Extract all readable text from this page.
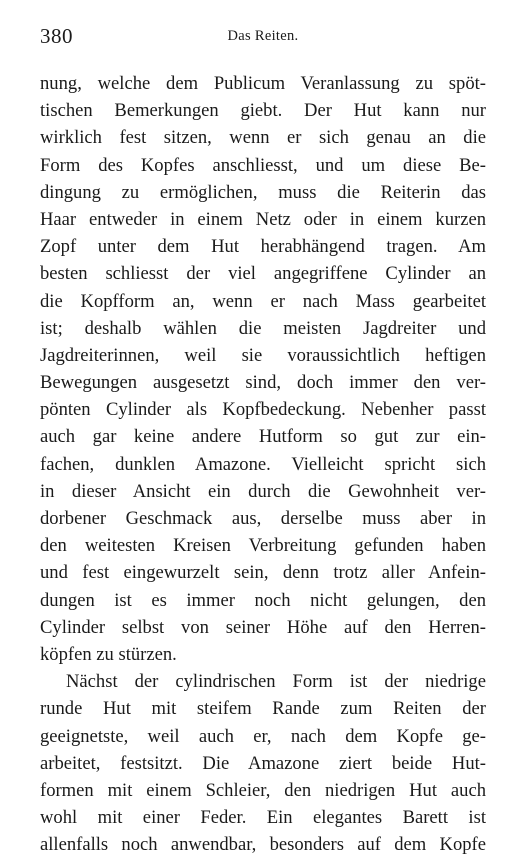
380	Das Reiten.
nung, welche dem Publicum Veranlassung zu spöt-
tischen Bemerkungen giebt. Der Hut kann nur
wirklich fest sitzen, wenn er sich genau an die
Form des Kopfes anschliesst, und um diese Be-
dingung zu ermöglichen, muss die Reiterin das
Haar entweder in einem Netz oder in einem kurzen
Zopf unter dem Hut herabhängend tragen. Am
besten schliesst der viel angegriffene Cylinder an
die Kopfform an, wenn er nach Mass gearbeitet
ist; deshalb wählen die meisten Jagdreiter und
Jagdreiterinnen, weil sie voraussichtlich heftigen
Bewegungen ausgesetzt sind, doch immer den ver-
pönten Cylinder als Kopfbedeckung. Nebenher passt
auch gar keine andere Hutform so gut zur ein-
fachen, dunklen Amazone. Vielleicht spricht sich
in dieser Ansicht ein durch die Gewohnheit ver-
dorbener Geschmack aus, derselbe muss aber in
den weitesten Kreisen Verbreitung gefunden haben
und fest eingewurzelt sein, denn trotz aller Anfein-
dungen ist es immer noch nicht gelungen, den
Cylinder selbst von seiner Höhe auf den Herren-
köpfen zu stürzen.
Nächst der cylindrischen Form ist der niedrige
runde Hut mit steifem Rande zum Reiten der
geeignetste, weil auch er, nach dem Kopfe ge-
arbeitet, festsitzt. Die Amazone ziert beide Hut-
formen mit einem Schleier, den niedrigen Hut auch
wohl mit einer Feder. Ein elegantes Barett ist
allenfalls noch anwendbar, besonders auf dem Kopfe
